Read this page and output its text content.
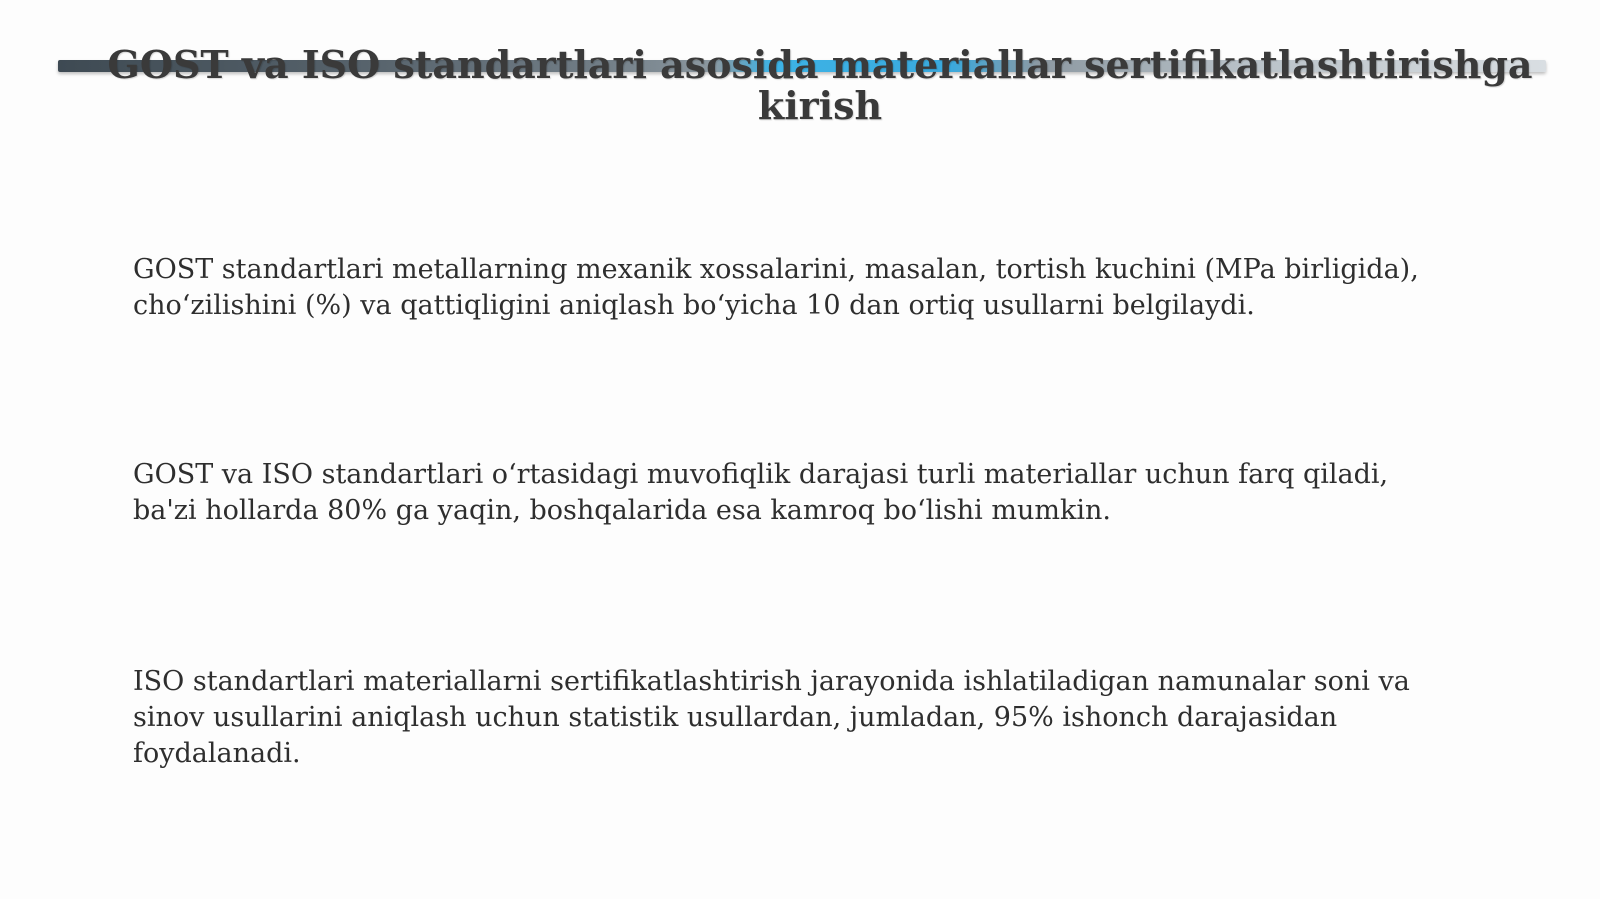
GOST va ISO standartlari asosida materiallar sertifikatlashtirishga kirish

GOST standartlari metallarning mexanik xossalarini, masalan, tortish kuchini (MPa birligida),
cho‘zilishini (%) va qattiqligini aniqlash bo‘yicha 10 dan ortiq usullarni belgilaydi.

GOST va ISO standartlari o‘rtasidagi muvofiqlik darajasi turli materiallar uchun farq qiladi,
ba'zi hollarda 80% ga yaqin, boshqalarida esa kamroq bo‘lishi mumkin.

ISO standartlari materiallarni sertifikatlashtirish jarayonida ishlatiladigan namunalar soni va
sinov usullarini aniqlash uchun statistik usullardan, jumladan, 95% ishonch darajasidan
foydalanadi.
